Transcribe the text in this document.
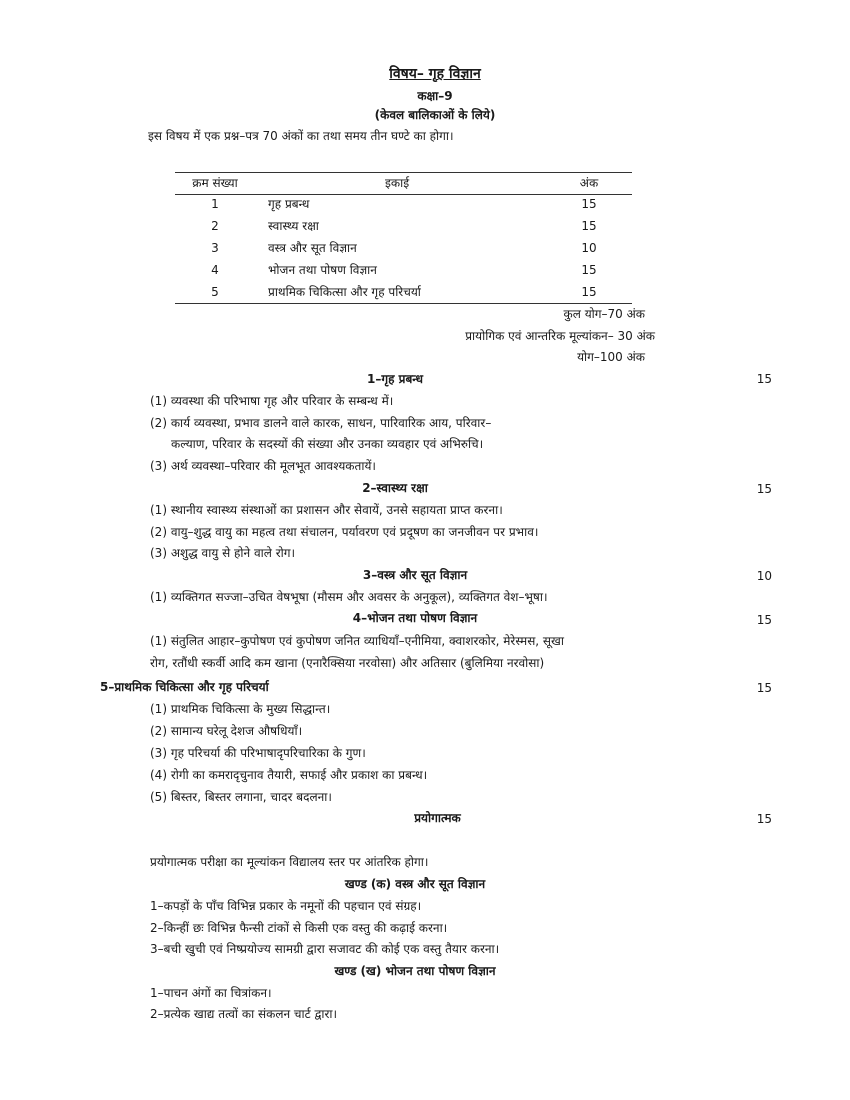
विषय– गृह विज्ञान
कक्षा–9
(केवल बालिकाओं के लिये)
इस विषय में एक प्रश्न–पत्र 70 अंकों का तथा समय तीन घण्टे का होगा।
क्रम संख्या	इकाई	अंक
1	गृह प्रबन्ध	15
2	स्वास्थ्य रक्षा	15
3	वस्त्र और सूत विज्ञान	10
4	भोजन तथा पोषण विज्ञान	15
5	प्राथमिक चिकित्सा और गृह परिचर्या	15
कुल योग–70 अंक
प्रायोगिक एवं आन्तरिक मूल्यांकन– 30 अंक
योग–100 अंक
1–गृह प्रबन्ध	15
(1) व्यवस्था की परिभाषा गृह और परिवार के सम्बन्ध में।
(2) कार्य व्यवस्था, प्रभाव डालने वाले कारक, साधन, पारिवारिक आय, परिवार–
कल्याण, परिवार के सदस्यों की संख्या और उनका व्यवहार एवं अभिरुचि।
(3) अर्थ व्यवस्था–परिवार की मूलभूत आवश्यकतायें।
2–स्वास्थ्य रक्षा	15
(1) स्थानीय स्वास्थ्य संस्थाओं का प्रशासन और सेवायें, उनसे सहायता प्राप्त करना।
(2) वायु–शुद्ध वायु का महत्व तथा संचालन, पर्यावरण एवं प्रदूषण का जनजीवन पर प्रभाव।
(3) अशुद्ध वायु से होने वाले रोग।
3–वस्त्र और सूत विज्ञान	10
(1) व्यक्तिगत सज्जा–उचित वेषभूषा (मौसम और अवसर के अनुकूल), व्यक्तिगत वेश–भूषा।
4–भोजन तथा पोषण विज्ञान	15
(1) संतुलित आहार–कुपोषण एवं कुपोषण जनित व्याधियाँ–एनीमिया, क्वाशरकोर, मेरेस्मस, सूखा
रोग, रतौंधी स्कर्वी आदि कम खाना (एनारैक्सिया नरवोसा) और अतिसार (बुलिमिया नरवोसा)
5–प्राथमिक चिकित्सा और गृह परिचर्या	15
(1) प्राथमिक चिकित्सा के मुख्य सिद्धान्त।
(2) सामान्य घरेलू देशज औषधियाँ।
(3) गृह परिचर्या की परिभाषादृपरिचारिका के गुण।
(4) रोगी का कमरादृचुनाव तैयारी, सफाई और प्रकाश का प्रबन्ध।
(5) बिस्तर, बिस्तर लगाना, चादर बदलना।
प्रयोगात्मक	15
प्रयोगात्मक परीक्षा का मूल्यांकन विद्यालय स्तर पर आंतरिक होगा।
खण्ड (क) वस्त्र और सूत विज्ञान
1–कपड़ों के पाँच विभिन्न प्रकार के नमूनों की पहचान एवं संग्रह।
2–किन्हीं छः विभिन्न फैन्सी टांकों से किसी एक वस्तु की कढ़ाई करना।
3–बची खुची एवं निष्प्रयोज्य सामग्री द्वारा सजावट की कोई एक वस्तु तैयार करना।
खण्ड (ख) भोजन तथा पोषण विज्ञान
1–पाचन अंगों का चित्रांकन।
2–प्रत्येक खाद्य तत्वों का संकलन चार्ट द्वारा।
